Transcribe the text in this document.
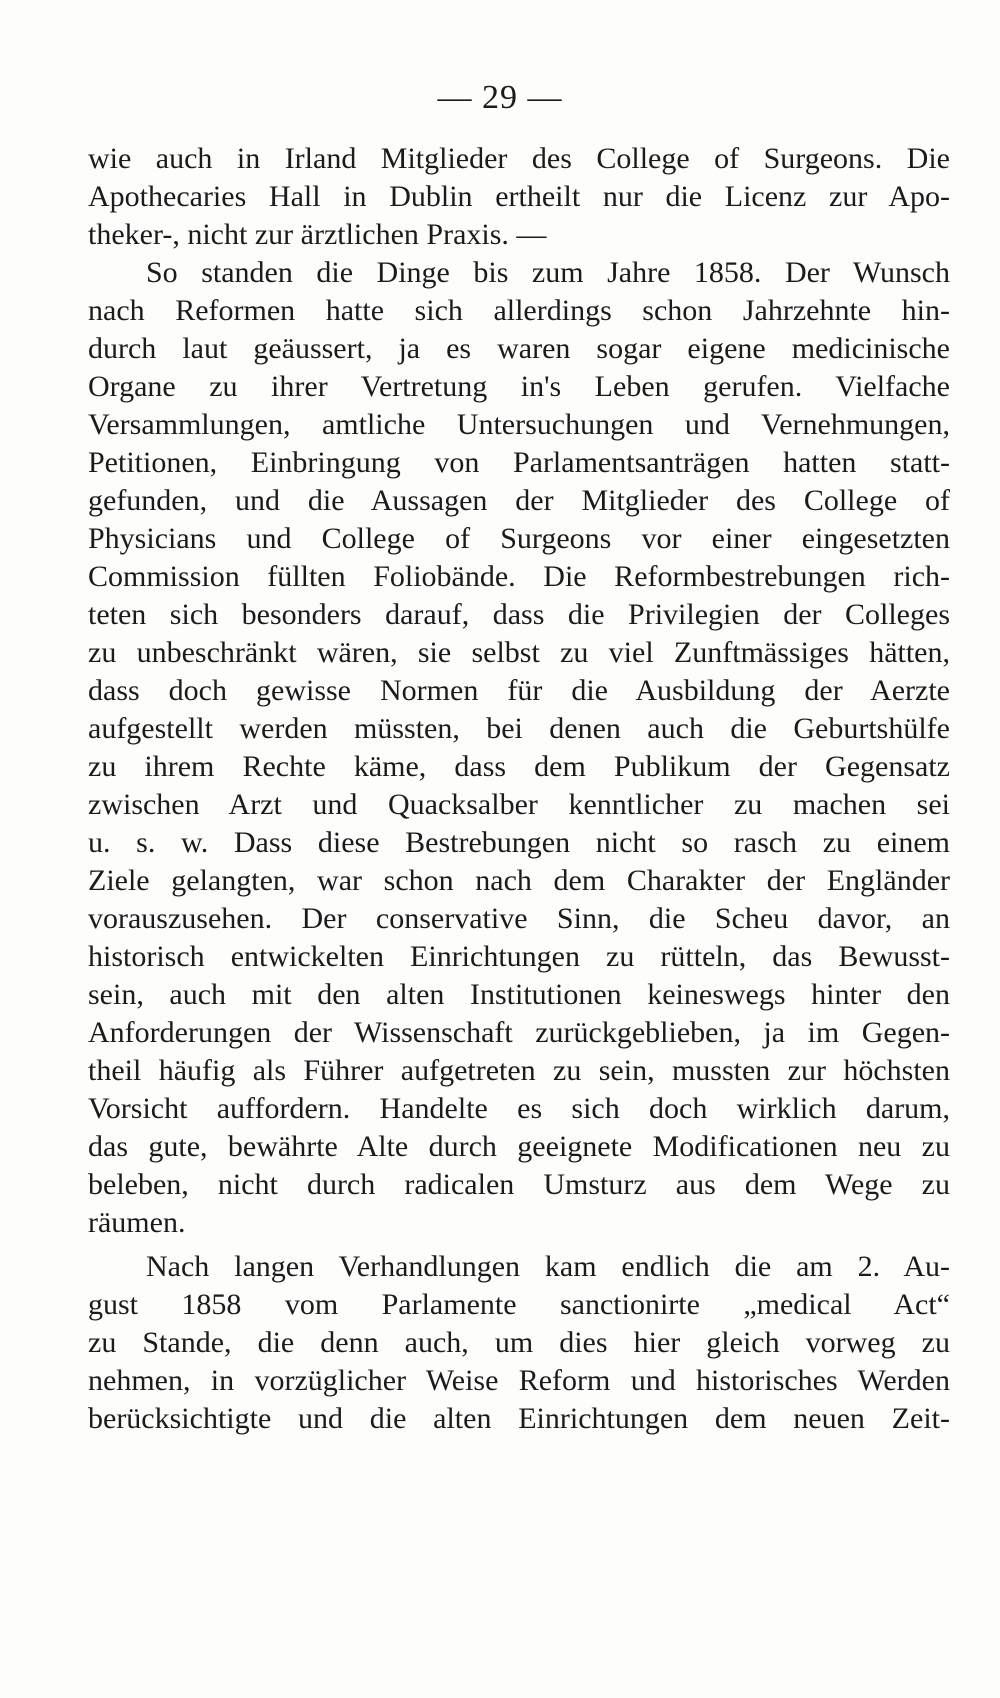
— 29 —
wie auch in Irland Mitglieder des College of Surgeons. Die
Apothecaries Hall in Dublin ertheilt nur die Licenz zur Apo-
theker-, nicht zur ärztlichen Praxis. —
So standen die Dinge bis zum Jahre 1858. Der Wunsch
nach Reformen hatte sich allerdings schon Jahrzehnte hin-
durch laut geäussert, ja es waren sogar eigene medicinische
Organe zu ihrer Vertretung in's Leben gerufen. Vielfache
Versammlungen, amtliche Untersuchungen und Vernehmungen,
Petitionen, Einbringung von Parlamentsanträgen hatten statt-
gefunden, und die Aussagen der Mitglieder des College of
Physicians und College of Surgeons vor einer eingesetzten
Commission füllten Foliobände. Die Reformbestrebungen rich-
teten sich besonders darauf, dass die Privilegien der Colleges
zu unbeschränkt wären, sie selbst zu viel Zunftmässiges hätten,
dass doch gewisse Normen für die Ausbildung der Aerzte
aufgestellt werden müssten, bei denen auch die Geburtshülfe
zu ihrem Rechte käme, dass dem Publikum der Gegensatz
zwischen Arzt und Quacksalber kenntlicher zu machen sei
u. s. w. Dass diese Bestrebungen nicht so rasch zu einem
Ziele gelangten, war schon nach dem Charakter der Engländer
vorauszusehen. Der conservative Sinn, die Scheu davor, an
historisch entwickelten Einrichtungen zu rütteln, das Bewusst-
sein, auch mit den alten Institutionen keineswegs hinter den
Anforderungen der Wissenschaft zurückgeblieben, ja im Gegen-
theil häufig als Führer aufgetreten zu sein, mussten zur höchsten
Vorsicht auffordern. Handelte es sich doch wirklich darum,
das gute, bewährte Alte durch geeignete Modificationen neu zu
beleben, nicht durch radicalen Umsturz aus dem Wege zu
räumen.
Nach langen Verhandlungen kam endlich die am 2. Au-
gust 1858 vom Parlamente sanctionirte „medical Act“
zu Stande, die denn auch, um dies hier gleich vorweg zu
nehmen, in vorzüglicher Weise Reform und historisches Werden
berücksichtigte und die alten Einrichtungen dem neuen Zeit-
